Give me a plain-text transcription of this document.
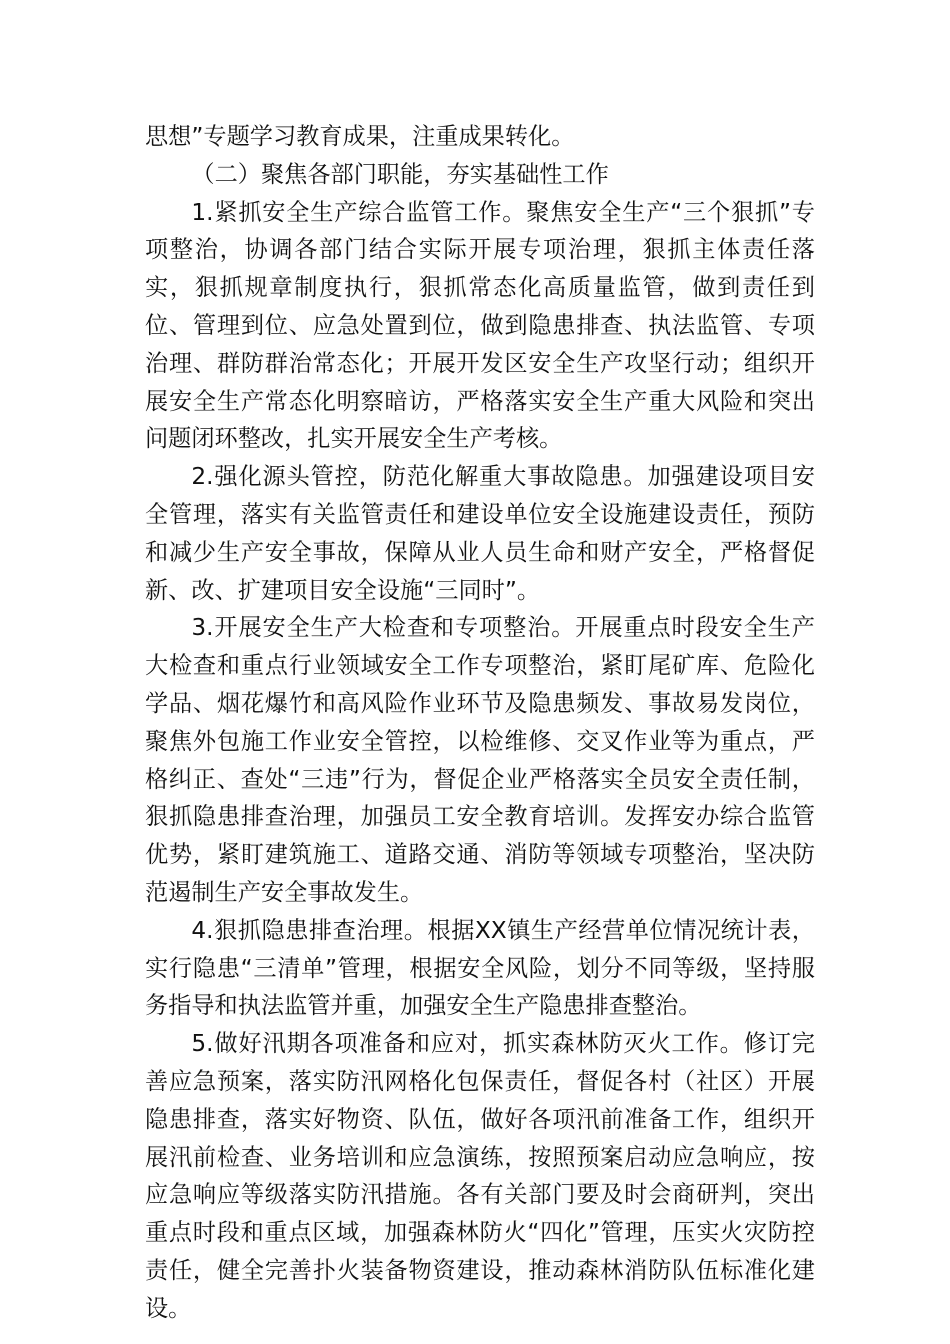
思想”专题学习教育成果，注重成果转化。

（二）聚焦各部门职能，夯实基础性工作

1.紧抓安全生产综合监管工作。聚焦安全生产“三个狠抓”专项整治，协调各部门结合实际开展专项治理，狠抓主体责任落实，狠抓规章制度执行，狠抓常态化高质量监管，做到责任到位、管理到位、应急处置到位，做到隐患排查、执法监管、专项治理、群防群治常态化；开展开发区安全生产攻坚行动；组织开展安全生产常态化明察暗访，严格落实安全生产重大风险和突出问题闭环整改，扎实开展安全生产考核。

2.强化源头管控，防范化解重大事故隐患。加强建设项目安全管理，落实有关监管责任和建设单位安全设施建设责任，预防和减少生产安全事故，保障从业人员生命和财产安全，严格督促新、改、扩建项目安全设施“三同时”。

3.开展安全生产大检查和专项整治。开展重点时段安全生产大检查和重点行业领域安全工作专项整治，紧盯尾矿库、危险化学品、烟花爆竹和高风险作业环节及隐患频发、事故易发岗位，聚焦外包施工作业安全管控，以检维修、交叉作业等为重点，严格纠正、查处“三违”行为，督促企业严格落实全员安全责任制，狠抓隐患排查治理，加强员工安全教育培训。发挥安办综合监管优势，紧盯建筑施工、道路交通、消防等领域专项整治，坚决防范遏制生产安全事故发生。

4.狠抓隐患排查治理。根据XX镇生产经营单位情况统计表，实行隐患“三清单”管理，根据安全风险，划分不同等级，坚持服务指导和执法监管并重，加强安全生产隐患排查整治。

5.做好汛期各项准备和应对，抓实森林防灭火工作。修订完善应急预案，落实防汛网格化包保责任，督促各村（社区）开展隐患排查，落实好物资、队伍，做好各项汛前准备工作，组织开展汛前检查、业务培训和应急演练，按照预案启动应急响应，按应急响应等级落实防汛措施。各有关部门要及时会商研判，突出重点时段和重点区域，加强森林防火“四化”管理，压实火灾防控责任，健全完善扑火装备物资建设，推动森林消防队伍标准化建设。
